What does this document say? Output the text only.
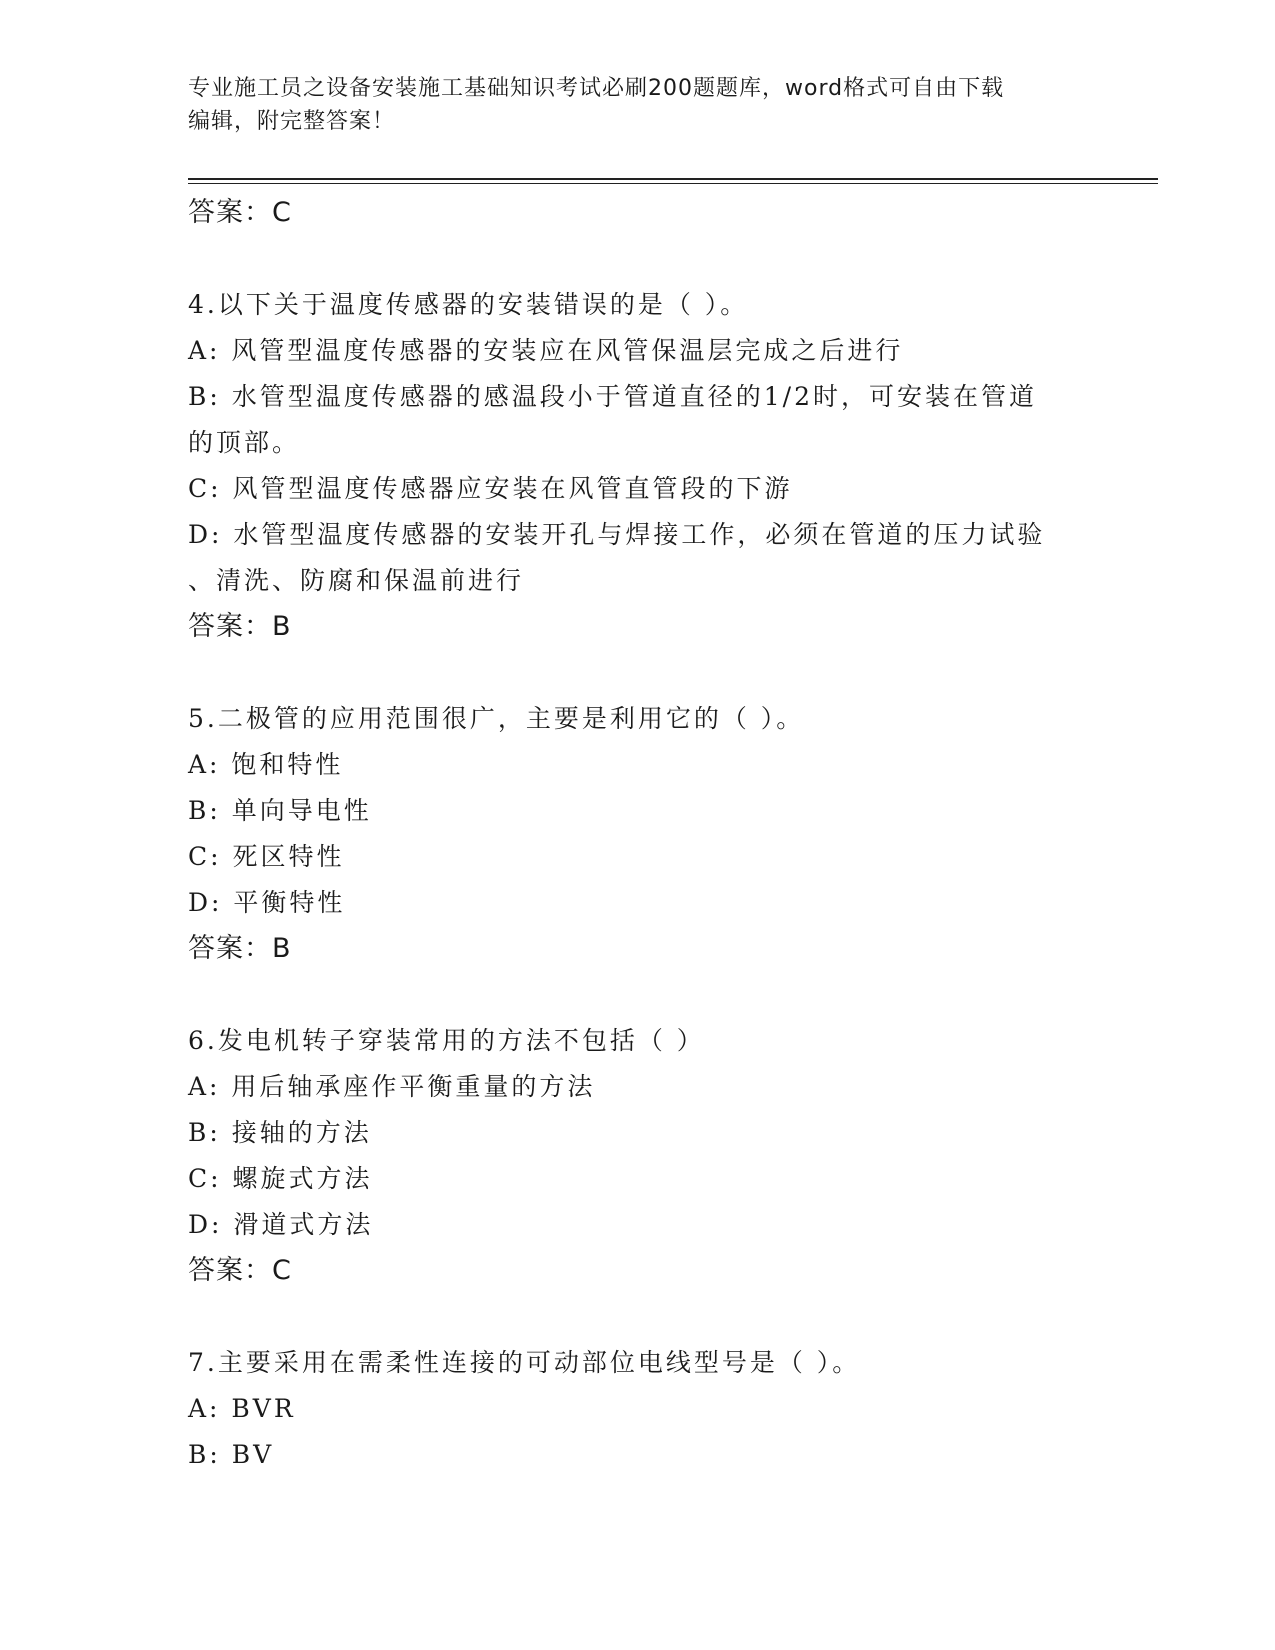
专业施工员之设备安装施工基础知识考试必刷200题题库，word格式可自由下载
编辑，附完整答案！
答案：C
4.以下关于温度传感器的安装错误的是（ ）。
A: 风管型温度传感器的安装应在风管保温层完成之后进行
B: 水管型温度传感器的感温段小于管道直径的1/2时，可安装在管道
的顶部。
C: 风管型温度传感器应安装在风管直管段的下游
D: 水管型温度传感器的安装开孔与焊接工作，必须在管道的压力试验
、清洗、防腐和保温前进行
答案：B
5.二极管的应用范围很广，主要是利用它的（ ）。
A: 饱和特性
B: 单向导电性
C: 死区特性
D: 平衡特性
答案：B
6.发电机转子穿装常用的方法不包括（ ）
A: 用后轴承座作平衡重量的方法
B: 接轴的方法
C: 螺旋式方法
D: 滑道式方法
答案：C
7.主要采用在需柔性连接的可动部位电线型号是（ ）。
A: BVR
B: BV
